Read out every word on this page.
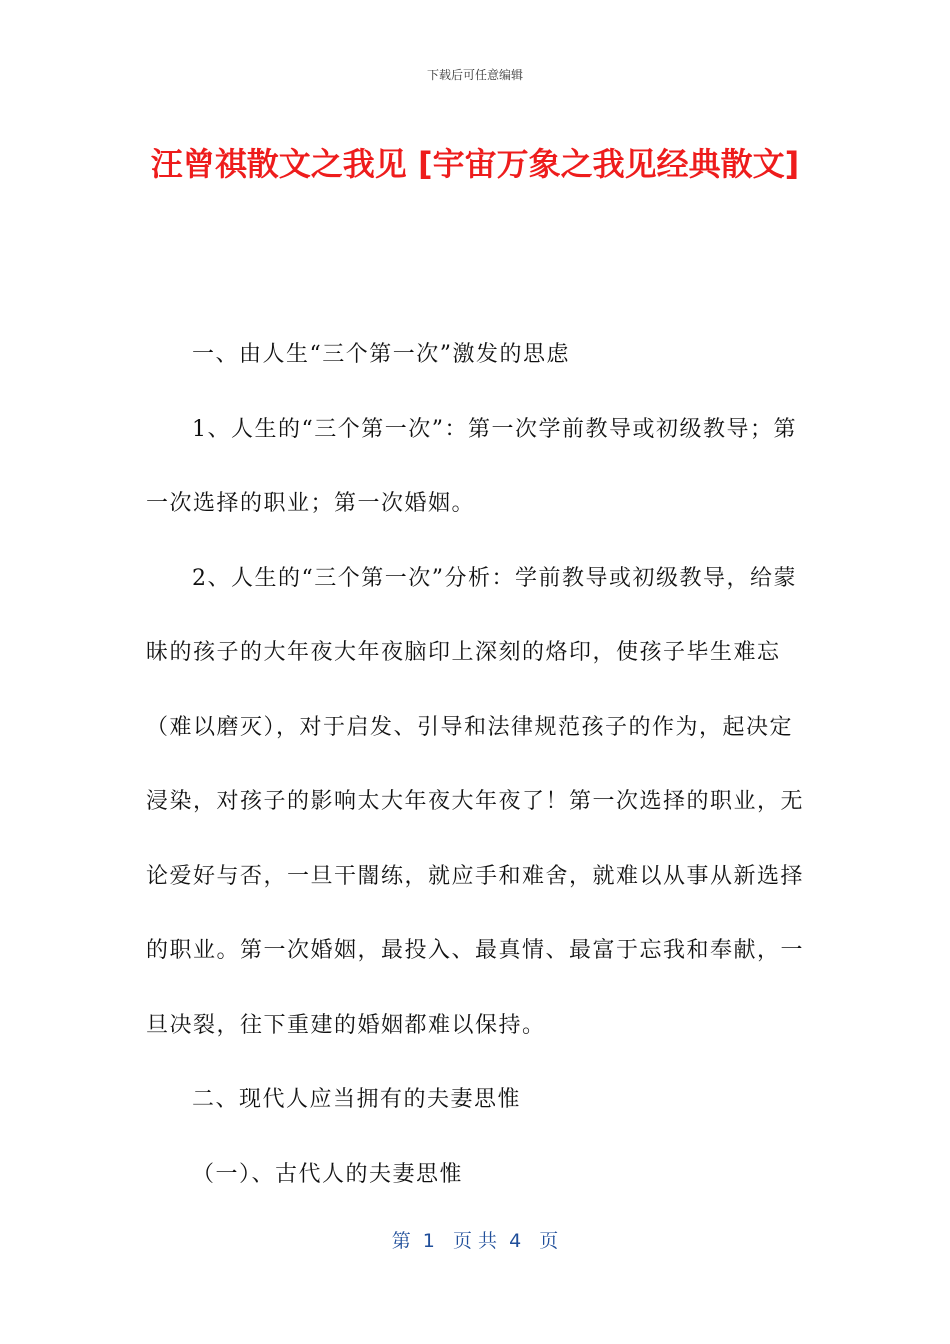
下载后可任意编辑
汪曾祺散文之我见 [宇宙万象之我见经典散文]

一、由人生“三个第一次”激发的思虑

1、人生的“三个第一次”：第一次学前教导或初级教导；第一次选择的职业；第一次婚姻。

2、人生的“三个第一次”分析：学前教导或初级教导，给蒙昧的孩子的大年夜大年夜脑印上深刻的烙印，使孩子毕生难忘（难以磨灭），对于启发、引导和法律规范孩子的作为，起决定浸染，对孩子的影响太大年夜大年夜了！第一次选择的职业，无论爱好与否，一旦干闇练，就应手和难舍，就难以从事从新选择的职业。第一次婚姻，最投入、最真情、最富于忘我和奉献，一旦决裂，往下重建的婚姻都难以保持。

二、现代人应当拥有的夫妻思惟

（一）、古代人的夫妻思惟

第  1   页 共  4   页
